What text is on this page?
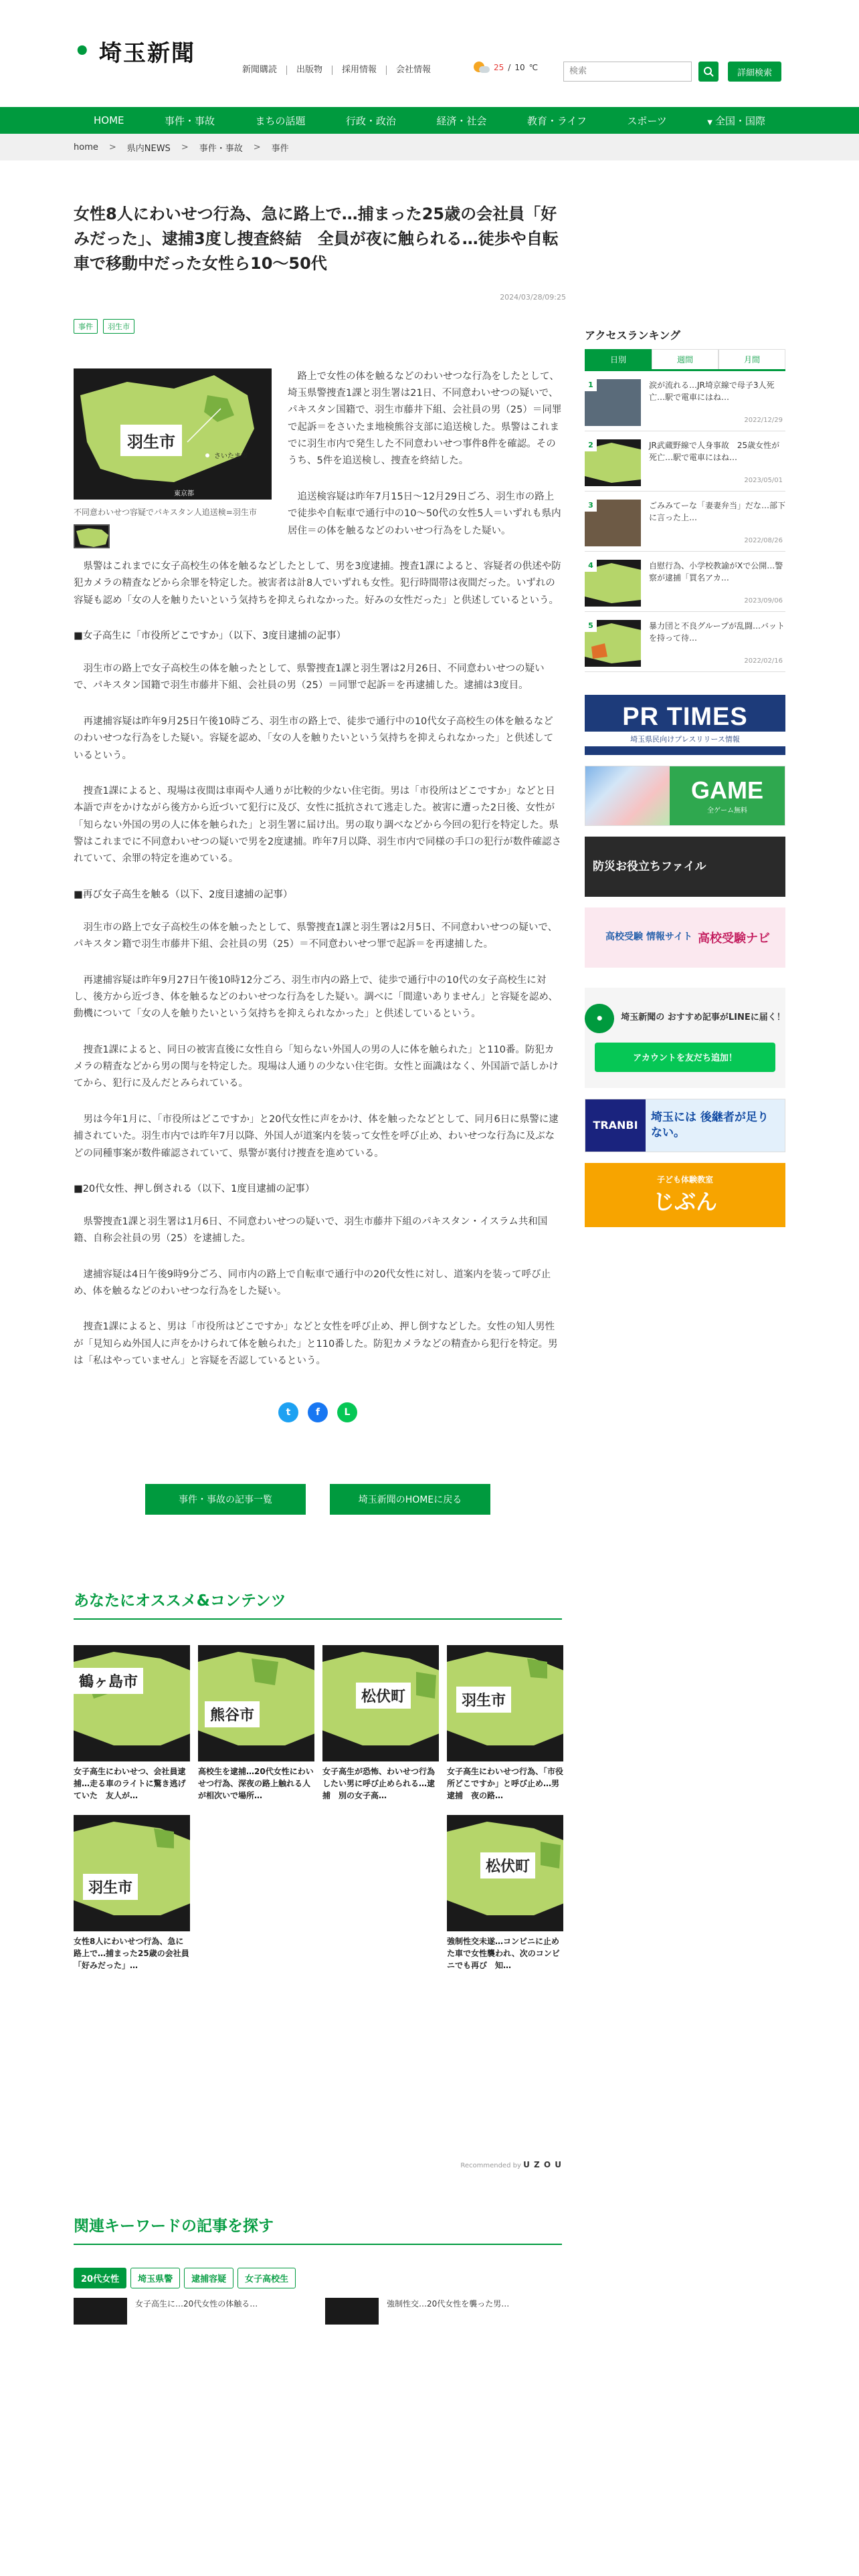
• 埼玉新聞
新聞購読	出版物	採用情報	会社情報	25 / 10 ℃	検索	詳細検索
HOME	事件・事故	まちの話題	行政・政治	経済・社会	教育・ライフ	スポーツ	▼ 全国・国際
home > 県内NEWS > 事件・事故 > 事件
女性8人にわいせつ行為、急に路上で…捕まった25歳の会社員「好みだった」、逮捕3度し捜査終結　全員が夜に触られる…徒歩や自転車で移動中だった女性ら10～50代
2024/03/28/09:25
事件	羽生市
羽生市
さいたま市
東京都
不同意わいせつ容疑でパキスタン人追送検=羽生市

路上で女性の体を触るなどのわいせつな行為をしたとして、埼玉県警捜査1課と羽生署は21日、不同意わいせつの疑いで、パキスタン国籍で、羽生市藤井下組、会社員の男（25）＝同罪で起訴＝をさいたま地検熊谷支部に追送検した。県警はこれまでに羽生市内で発生した不同意わいせつ事件8件を確認。そのうち、5件を追送検し、捜査を終結した。

追送検容疑は昨年7月15日～12月29日ごろ、羽生市の路上で徒歩や自転車で通行中の10～50代の女性5人＝いずれも県内居住＝の体を触るなどのわいせつ行為をした疑い。

県警はこれまでに女子高校生の体を触るなどしたとして、男を3度逮捕。捜査1課によると、容疑者の供述や防犯カメラの精査などから余罪を特定した。被害者は計8人でいずれも女性。犯行時間帯は夜間だった。いずれの容疑も認め「女の人を触りたいという気持ちを抑えられなかった。好みの女性だった」と供述しているという。

■女子高生に「市役所どこですか」（以下、3度目逮捕の記事）

羽生市の路上で女子高校生の体を触ったとして、県警捜査1課と羽生署は2月26日、不同意わいせつの疑いで、パキスタン国籍で羽生市藤井下組、会社員の男（25）＝同罪で起訴＝を再逮捕した。逮捕は3度目。

再逮捕容疑は昨年9月25日午後10時ごろ、羽生市の路上で、徒歩で通行中の10代女子高校生の体を触るなどのわいせつな行為をした疑い。容疑を認め、「女の人を触りたいという気持ちを抑えられなかった」と供述しているという。

捜査1課によると、現場は夜間は車両や人通りが比較的少ない住宅街。男は「市役所はどこですか」などと日本語で声をかけながら後方から近づいて犯行に及び、女性に抵抗されて逃走した。被害に遭った2日後、女性が「知らない外国の男の人に体を触られた」と羽生署に届け出。男の取り調べなどから今回の犯行を特定した。県警はこれまでに不同意わいせつの疑いで男を2度逮捕。昨年7月以降、羽生市内で同様の手口の犯行が数件確認されていて、余罪の特定を進めている。

■再び女子高生を触る（以下、2度目逮捕の記事）

羽生市の路上で女子高校生の体を触ったとして、県警捜査1課と羽生署は2月5日、不同意わいせつの疑いで、パキスタン籍で羽生市藤井下組、会社員の男（25）＝不同意わいせつ罪で起訴＝を再逮捕した。

再逮捕容疑は昨年9月27日午後10時12分ごろ、羽生市内の路上で、徒歩で通行中の10代の女子高校生に対し、後方から近づき、体を触るなどのわいせつな行為をした疑い。調べに「間違いありません」と容疑を認め、動機について「女の人を触りたいという気持ちを抑えられなかった」と供述しているという。

捜査1課によると、同日の被害直後に女性自ら「知らない外国人の男の人に体を触られた」と110番。防犯カメラの精査などから男の関与を特定した。現場は人通りの少ない住宅街。女性と面識はなく、外国語で話しかけてから、犯行に及んだとみられている。

男は今年1月に、「市役所はどこですか」と20代女性に声をかけ、体を触ったなどとして、同月6日に県警に逮捕されていた。羽生市内では昨年7月以降、外国人が道案内を装って女性を呼び止め、わいせつな行為に及ぶなどの同種事案が数件確認されていて、県警が裏付け捜査を進めている。

■20代女性、押し倒される（以下、1度目逮捕の記事）

県警捜査1課と羽生署は1月6日、不同意わいせつの疑いで、羽生市藤井下組のパキスタン・イスラム共和国籍、自称会社員の男（25）を逮捕した。

逮捕容疑は4日午後9時9分ごろ、同市内の路上で自転車で通行中の20代女性に対し、道案内を装って呼び止め、体を触るなどのわいせつな行為をした疑い。

捜査1課によると、男は「市役所はどこですか」などと女性を呼び止め、押し倒すなどした。女性の知人男性が「見知らぬ外国人に声をかけられて体を触られた」と110番した。防犯カメラなどの精査から犯行を特定。男は「私はやっていません」と容疑を否認しているという。

t	f	L
事件・事故の記事一覧	埼玉新聞のHOMEに戻る
あなたにオススメ&コンテンツ
鶴ヶ島市
女子高生にわいせつ、会社員逮捕…走る車のライトに驚き逃げていた　友人が…
熊谷市
高校生を逮捕…20代女性にわいせつ行為、深夜の路上触れる人が相次いで場所…
松伏町
女子高生が恐怖、わいせつ行為したい男に呼び止められる…逮捕　別の女子高…
羽生市
女子高生にわいせつ行為、「市役所どこですか」と呼び止め…男逮捕　夜の路…
羽生市
女性8人にわいせつ行為、急に路上で…捕まった25歳の会社員「好みだった」…
松伏町
強制性交未遂…コンビニに止めた車で女性襲われ、次のコンビニでも再び　知…
Recommended by U Z O U
関連キーワードの記事を探す
20代女性	埼玉県警	逮捕容疑	女子高校生
女子高生に…20代女性の体触る…	強制性交…20代女性を襲った男…
アクセスランキング
日別	週間	月間
1	涙が流れる…JR埼京線で母子3人死亡…駅で電車にはね…
2022/12/29
2	JR武蔵野線で人身事故　25歳女性が死亡…駅で電車にはね…
2023/05/01
3	ごみみてーな「妻妻弁当」だな…部下に言った上…
2022/08/26
4	自慰行為、小学校教諭がXで公開…警察が逮捕「買名アカ…
2023/09/06
5	暴力団と不良グループが乱闘…バットを持って待…
2022/02/16
PR TIMES
埼玉県民向けプレスリリース情報
GAME
全ゲーム無料
防災お役立ちファイル
高校受験 情報サイト 高校受験ナビ
•	埼玉新聞の おすすめ記事がLINEに届く！
アカウントを友だち追加！
TRANBI
埼玉には 後継者が足りない。
子ども体験教室
じぶん
